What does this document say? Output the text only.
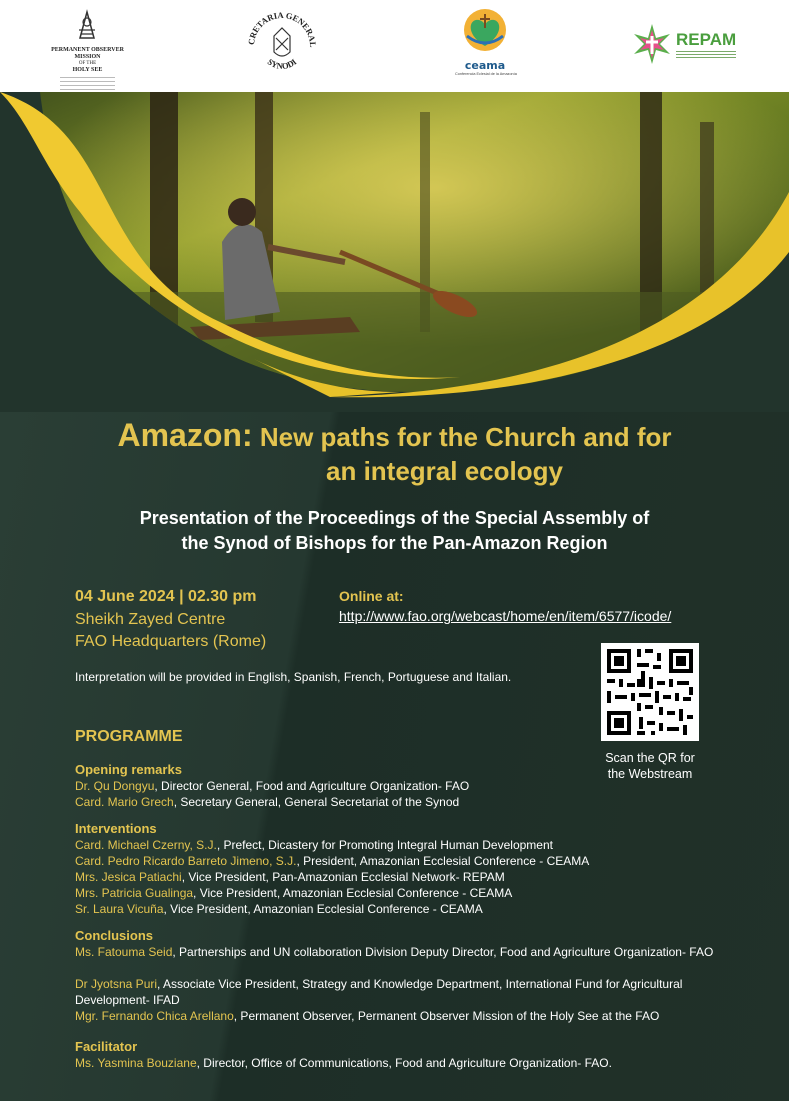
PERMANENT OBSERVER MISSION
OF THE
HOLY SEE
CRETARIA GENERAL
SYNODI	ceama
Conferencia Eclesial de la Amazonía
REPAM
Amazon: New paths for the Church and for
an integral ecology
Presentation of the Proceedings of the Special Assembly of
the Synod of Bishops for the Pan-Amazon Region
04 June 2024 | 02.30 pm
Sheikh Zayed Centre
FAO Headquarters (Rome)
Online at:
http://www.fao.org/webcast/home/en/item/6577/icode/
Interpretation will be provided in English, Spanish, French, Portuguese and Italian.
Scan the QR for
the Webstream
PROGRAMME
Opening remarks
Dr. Qu Dongyu, Director General, Food and Agriculture Organization- FAO
Card. Mario Grech, Secretary General, General Secretariat of the Synod
Interventions
Card. Michael Czerny, S.J., Prefect, Dicastery for Promoting Integral Human Development
Card. Pedro Ricardo Barreto Jimeno, S.J., President, Amazonian Ecclesial Conference - CEAMA
Mrs. Jesica Patiachi, Vice President, Pan-Amazonian Ecclesial Network- REPAM
Mrs. Patricia Gualinga, Vice President, Amazonian Ecclesial Conference - CEAMA
Sr. Laura Vicuña, Vice President, Amazonian Ecclesial Conference - CEAMA
Conclusions
Ms. Fatouma Seid, Partnerships and UN collaboration Division Deputy Director, Food and Agriculture Organization- FAO
Dr Jyotsna Puri, Associate Vice President, Strategy and Knowledge Department, International Fund for Agricultural Development- IFAD
Mgr. Fernando Chica Arellano, Permanent Observer, Permanent Observer Mission of the Holy See at the FAO
Facilitator
Ms. Yasmina Bouziane, Director, Office of Communications, Food and Agriculture Organization- FAO.
